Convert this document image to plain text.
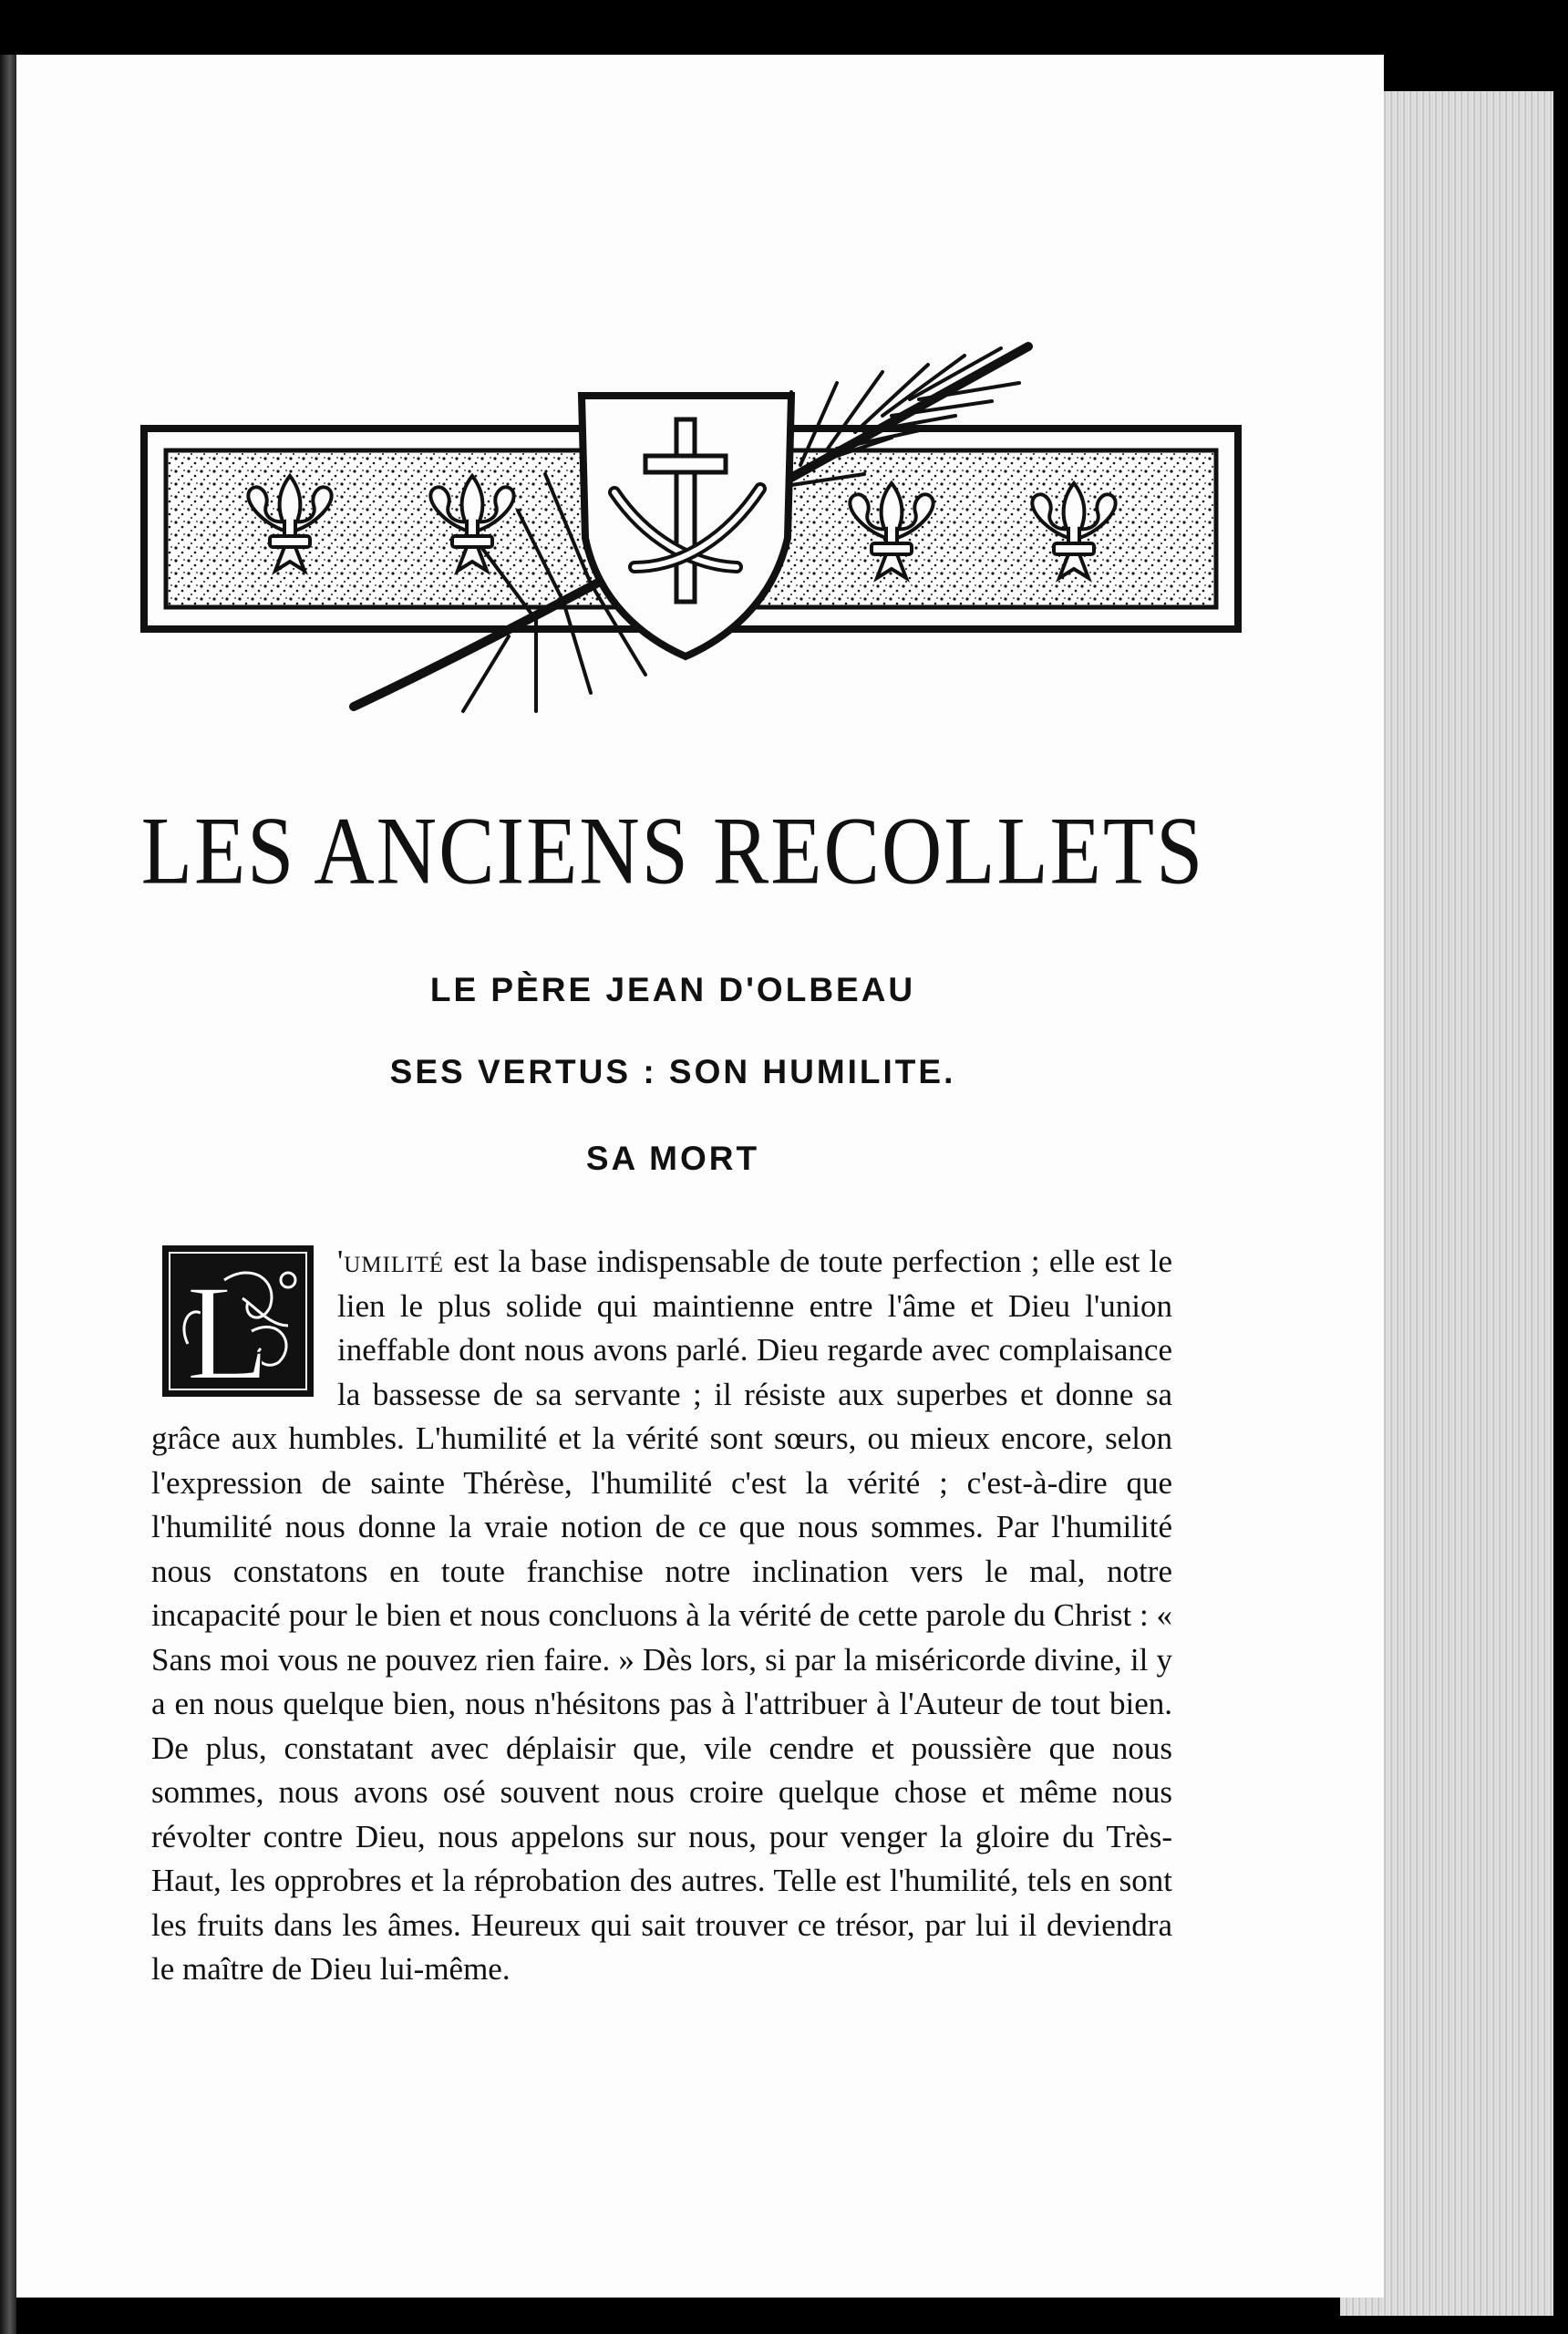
LES ANCIENS RECOLLETS
LE PÈRE JEAN D'OLBEAU
SES VERTUS : SON HUMILITE.
SA MORT
L 'umilité est la base indispensable de toute perfection ; elle est le lien le plus solide qui maintienne entre l'âme et Dieu l'union ineffable dont nous avons parlé. Dieu regarde avec complaisance la bassesse de sa servante ; il résiste aux superbes et donne sa grâce aux humbles. L'humilité et la vérité sont sœurs, ou mieux encore, selon l'expression de sainte Thérèse, l'humilité c'est la vérité ; c'est-à-dire que l'humilité nous donne la vraie notion de ce que nous sommes. Par l'humilité nous constatons en toute franchise notre inclination vers le mal, notre incapacité pour le bien et nous concluons à la vérité de cette parole du Christ : « Sans moi vous ne pouvez rien faire. » Dès lors, si par la miséricorde divine, il y a en nous quelque bien, nous n'hésitons pas à l'attribuer à l'Auteur de tout bien. De plus, constatant avec déplaisir que, vile cendre et poussière que nous sommes, nous avons osé souvent nous croire quelque chose et même nous révolter contre Dieu, nous appelons sur nous, pour venger la gloire du Très-Haut, les opprobres et la réprobation des autres. Telle est l'humilité, tels en sont les fruits dans les âmes. Heureux qui sait trouver ce trésor, par lui il deviendra le maître de Dieu lui-même.
